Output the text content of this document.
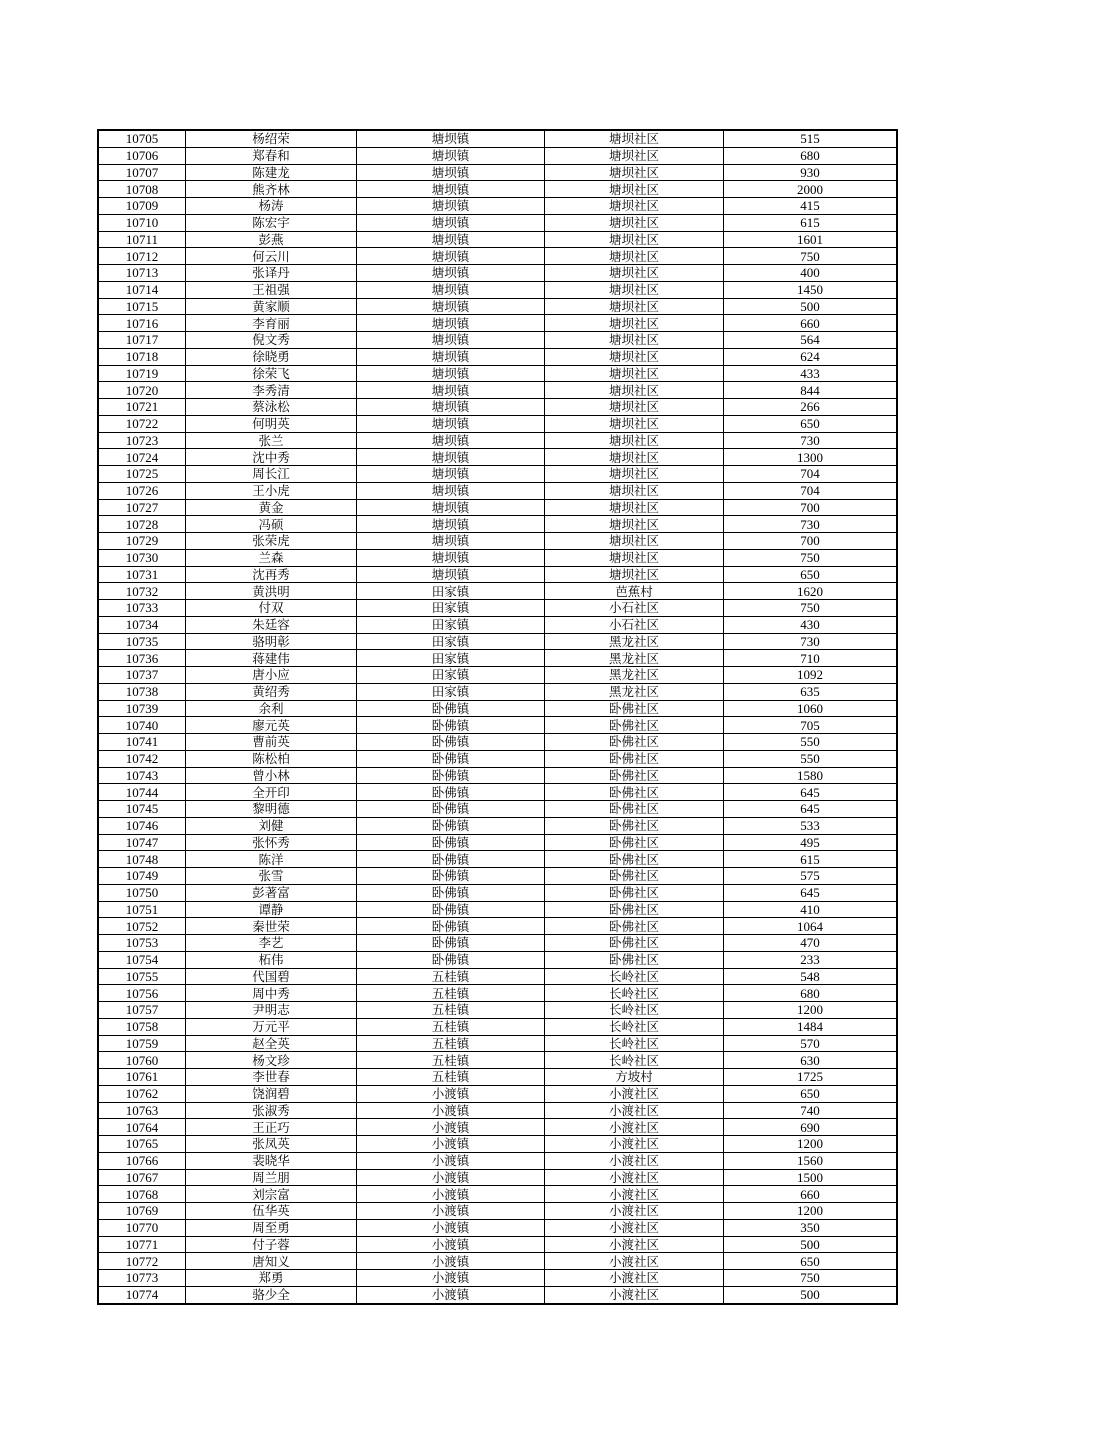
10705	杨绍荣	塘坝镇	塘坝社区	515
10706	郑春和	塘坝镇	塘坝社区	680
10707	陈建龙	塘坝镇	塘坝社区	930
10708	熊齐林	塘坝镇	塘坝社区	2000
10709	杨涛	塘坝镇	塘坝社区	415
10710	陈宏宇	塘坝镇	塘坝社区	615
10711	彭燕	塘坝镇	塘坝社区	1601
10712	何云川	塘坝镇	塘坝社区	750
10713	张译丹	塘坝镇	塘坝社区	400
10714	王祖强	塘坝镇	塘坝社区	1450
10715	黄家顺	塘坝镇	塘坝社区	500
10716	李育丽	塘坝镇	塘坝社区	660
10717	倪文秀	塘坝镇	塘坝社区	564
10718	徐晓勇	塘坝镇	塘坝社区	624
10719	徐荣飞	塘坝镇	塘坝社区	433
10720	李秀清	塘坝镇	塘坝社区	844
10721	蔡泳松	塘坝镇	塘坝社区	266
10722	何明英	塘坝镇	塘坝社区	650
10723	张兰	塘坝镇	塘坝社区	730
10724	沈中秀	塘坝镇	塘坝社区	1300
10725	周长江	塘坝镇	塘坝社区	704
10726	王小虎	塘坝镇	塘坝社区	704
10727	黄金	塘坝镇	塘坝社区	700
10728	冯硕	塘坝镇	塘坝社区	730
10729	张荣虎	塘坝镇	塘坝社区	700
10730	兰森	塘坝镇	塘坝社区	750
10731	沈再秀	塘坝镇	塘坝社区	650
10732	黄洪明	田家镇	芭蕉村	1620
10733	付双	田家镇	小石社区	750
10734	朱廷容	田家镇	小石社区	430
10735	骆明彰	田家镇	黑龙社区	730
10736	蒋建伟	田家镇	黑龙社区	710
10737	唐小应	田家镇	黑龙社区	1092
10738	黄绍秀	田家镇	黑龙社区	635
10739	余利	卧佛镇	卧佛社区	1060
10740	廖元英	卧佛镇	卧佛社区	705
10741	曹前英	卧佛镇	卧佛社区	550
10742	陈松柏	卧佛镇	卧佛社区	550
10743	曾小林	卧佛镇	卧佛社区	1580
10744	全开印	卧佛镇	卧佛社区	645
10745	黎明德	卧佛镇	卧佛社区	645
10746	刘健	卧佛镇	卧佛社区	533
10747	张怀秀	卧佛镇	卧佛社区	495
10748	陈洋	卧佛镇	卧佛社区	615
10749	张雪	卧佛镇	卧佛社区	575
10750	彭著富	卧佛镇	卧佛社区	645
10751	谭静	卧佛镇	卧佛社区	410
10752	秦世荣	卧佛镇	卧佛社区	1064
10753	李艺	卧佛镇	卧佛社区	470
10754	柘伟	卧佛镇	卧佛社区	233
10755	代国碧	五桂镇	长岭社区	548
10756	周中秀	五桂镇	长岭社区	680
10757	尹明志	五桂镇	长岭社区	1200
10758	万元平	五桂镇	长岭社区	1484
10759	赵全英	五桂镇	长岭社区	570
10760	杨文珍	五桂镇	长岭社区	630
10761	李世春	五桂镇	方坡村	1725
10762	饶润碧	小渡镇	小渡社区	650
10763	张淑秀	小渡镇	小渡社区	740
10764	王正巧	小渡镇	小渡社区	690
10765	张凤英	小渡镇	小渡社区	1200
10766	裴晓华	小渡镇	小渡社区	1560
10767	周兰朋	小渡镇	小渡社区	1500
10768	刘宗富	小渡镇	小渡社区	660
10769	伍华英	小渡镇	小渡社区	1200
10770	周至勇	小渡镇	小渡社区	350
10771	付子蓉	小渡镇	小渡社区	500
10772	唐知义	小渡镇	小渡社区	650
10773	郑勇	小渡镇	小渡社区	750
10774	骆少全	小渡镇	小渡社区	500
